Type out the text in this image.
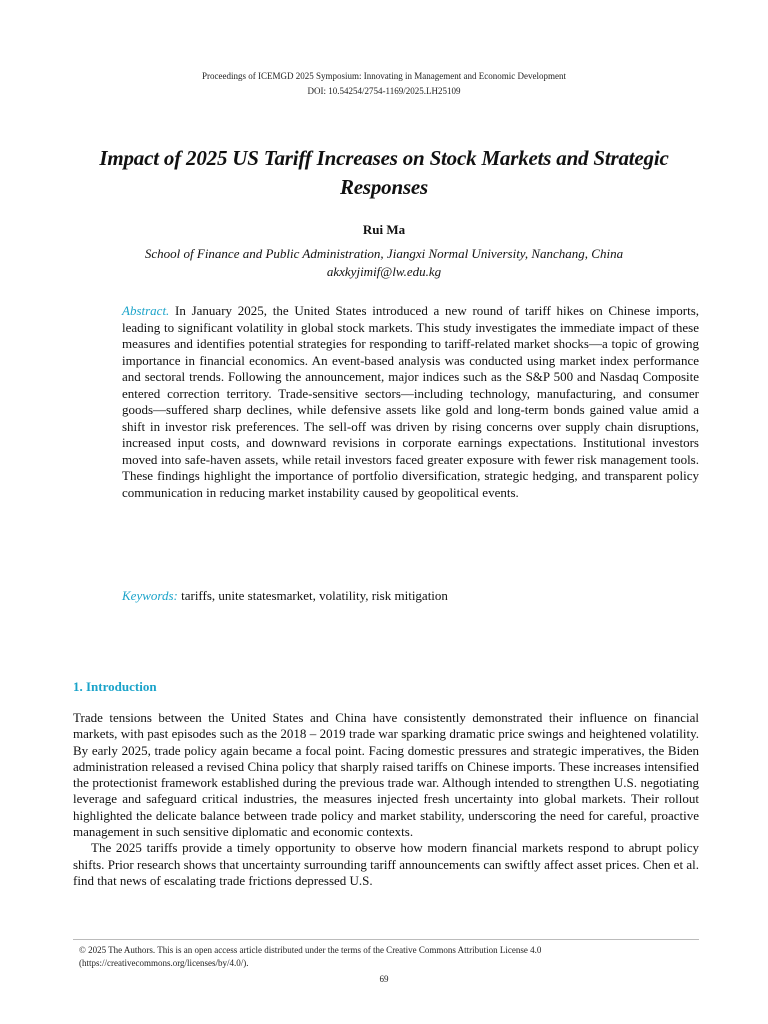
Proceedings of ICEMGD 2025 Symposium: Innovating in Management and Economic Development
DOI: 10.54254/2754-1169/2025.LH25109
Impact of 2025 US Tariff Increases on Stock Markets and Strategic Responses
Rui Ma
School of Finance and Public Administration, Jiangxi Normal University, Nanchang, China
akxkyjimif@lw.edu.kg
Abstract. In January 2025, the United States introduced a new round of tariff hikes on Chinese imports, leading to significant volatility in global stock markets. This study investigates the immediate impact of these measures and identifies potential strategies for responding to tariff-related market shocks—a topic of growing importance in financial economics. An event-based analysis was conducted using market index performance and sectoral trends. Following the announcement, major indices such as the S&P 500 and Nasdaq Composite entered correction territory. Trade-sensitive sectors—including technology, manufacturing, and consumer goods—suffered sharp declines, while defensive assets like gold and long-term bonds gained value amid a shift in investor risk preferences. The sell-off was driven by rising concerns over supply chain disruptions, increased input costs, and downward revisions in corporate earnings expectations. Institutional investors moved into safe-haven assets, while retail investors faced greater exposure with fewer risk management tools. These findings highlight the importance of portfolio diversification, strategic hedging, and transparent policy communication in reducing market instability caused by geopolitical events.
Keywords: tariffs, unite statesmarket, volatility, risk mitigation
1. Introduction

Trade tensions between the United States and China have consistently demonstrated their influence on financial markets, with past episodes such as the 2018 – 2019 trade war sparking dramatic price swings and heightened volatility. By early 2025, trade policy again became a focal point. Facing domestic pressures and strategic imperatives, the Biden administration released a revised China policy that sharply raised tariffs on Chinese imports. These increases intensified the protectionist framework established during the previous trade war. Although intended to strengthen U.S. negotiating leverage and safeguard critical industries, the measures injected fresh uncertainty into global markets. Their rollout highlighted the delicate balance between trade policy and market stability, underscoring the need for careful, proactive management in such sensitive diplomatic and economic contexts.

The 2025 tariffs provide a timely opportunity to observe how modern financial markets respond to abrupt policy shifts. Prior research shows that uncertainty surrounding tariff announcements can swiftly affect asset prices. Chen et al. find that news of escalating trade frictions depressed U.S.

© 2025 The Authors. This is an open access article distributed under the terms of the Creative Commons Attribution License 4.0
(https://creativecommons.org/licenses/by/4.0/).
69
